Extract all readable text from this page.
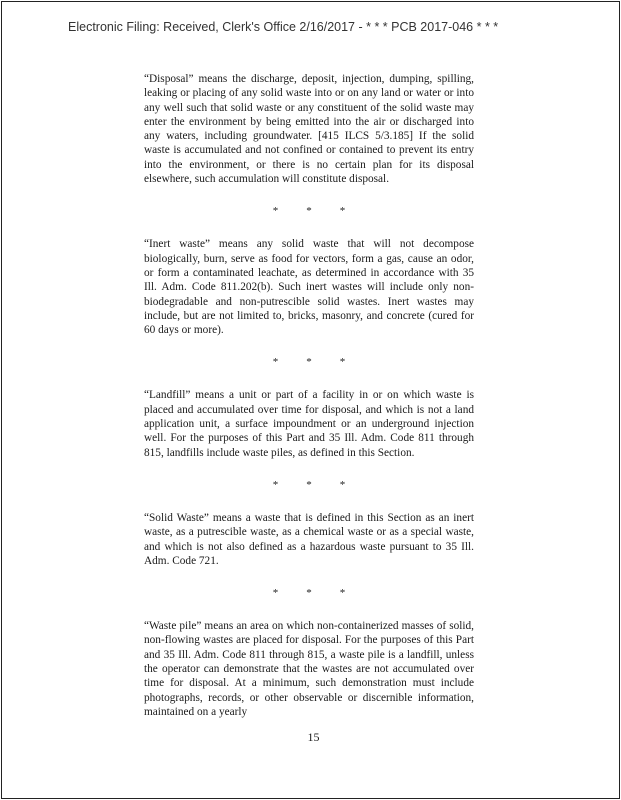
Electronic Filing: Received, Clerk's Office 2/16/2017 - * * * PCB 2017-046 * * *

“Disposal” means the discharge, deposit, injection, dumping, spilling, leaking or placing of any solid waste into or on any land or water or into any well such that solid waste or any constituent of the solid waste may enter the environment by being emitted into the air or discharged into any waters, including groundwater. [415 ILCS 5/3.185] If the solid waste is accumulated and not confined or contained to prevent its entry into the environment, or there is no certain plan for its disposal elsewhere, such accumulation will constitute disposal.

*	*	*

“Inert waste” means any solid waste that will not decompose biologically, burn, serve as food for vectors, form a gas, cause an odor, or form a contaminated leachate, as determined in accordance with 35 Ill. Adm. Code 811.202(b). Such inert wastes will include only non-biodegradable and non-putrescible solid wastes. Inert wastes may include, but are not limited to, bricks, masonry, and concrete (cured for 60 days or more).

*	*	*

“Landfill” means a unit or part of a facility in or on which waste is placed and accumulated over time for disposal, and which is not a land application unit, a surface impoundment or an underground injection well. For the purposes of this Part and 35 Ill. Adm. Code 811 through 815, landfills include waste piles, as defined in this Section.

*	*	*

“Solid Waste” means a waste that is defined in this Section as an inert waste, as a putrescible waste, as a chemical waste or as a special waste, and which is not also defined as a hazardous waste pursuant to 35 Ill. Adm. Code 721.

*	*	*

“Waste pile” means an area on which non-containerized masses of solid, non-flowing wastes are placed for disposal. For the purposes of this Part and 35 Ill. Adm. Code 811 through 815, a waste pile is a landfill, unless the operator can demonstrate that the wastes are not accumulated over time for disposal. At a minimum, such demonstration must include photographs, records, or other observable or discernible information, maintained on a yearly

15
